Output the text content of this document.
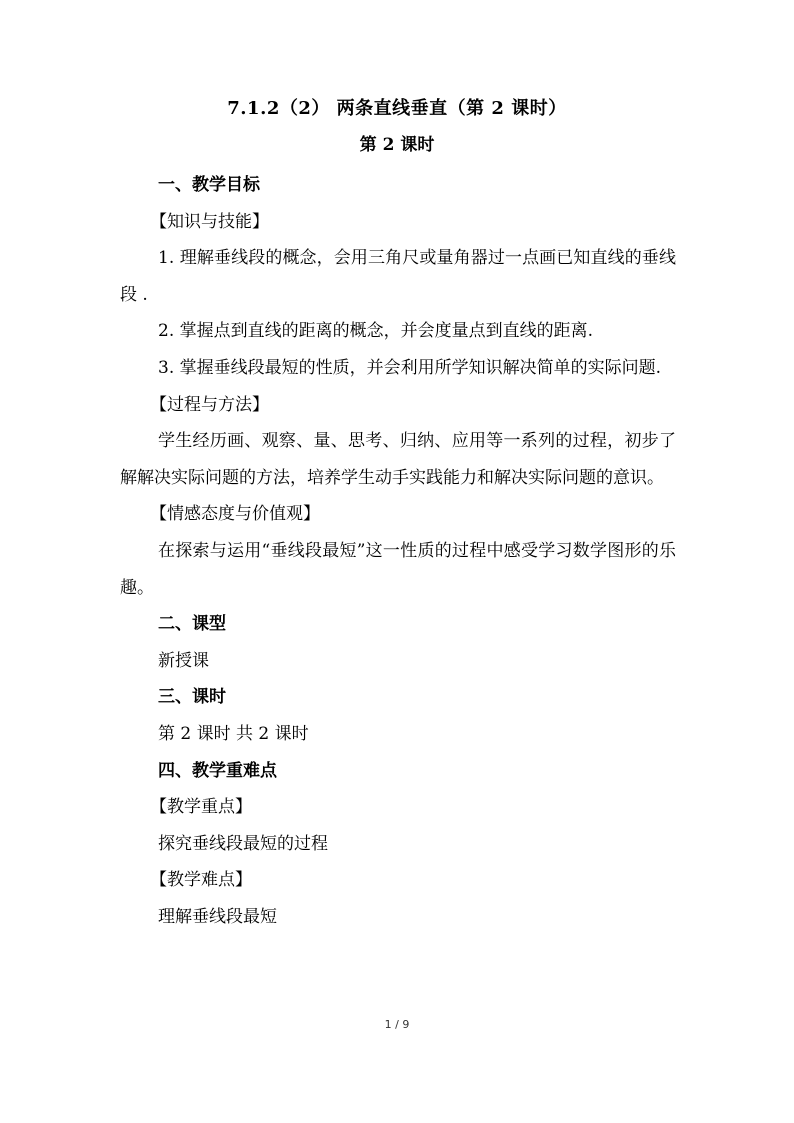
7.1.2（2） 两条直线垂直（第 2 课时）
第 2 课时

一、教学目标

【知识与技能】

1. 理解垂线段的概念，会用三角尺或量角器过一点画已知直线的垂线段 .

2. 掌握点到直线的距离的概念，并会度量点到直线的距离.

3. 掌握垂线段最短的性质，并会利用所学知识解决简单的实际问题.

【过程与方法】

学生经历画、观察、量、思考、归纳、应用等一系列的过程，初步了解解决实际问题的方法，培养学生动手实践能力和解决实际问题的意识。

【情感态度与价值观】

在探索与运用“垂线段最短”这一性质的过程中感受学习数学图形的乐趣。

二、课型

新授课

三、课时

第 2 课时 共 2 课时

四、教学重难点

【教学重点】

探究垂线段最短的过程

【教学难点】

理解垂线段最短

1 / 9
